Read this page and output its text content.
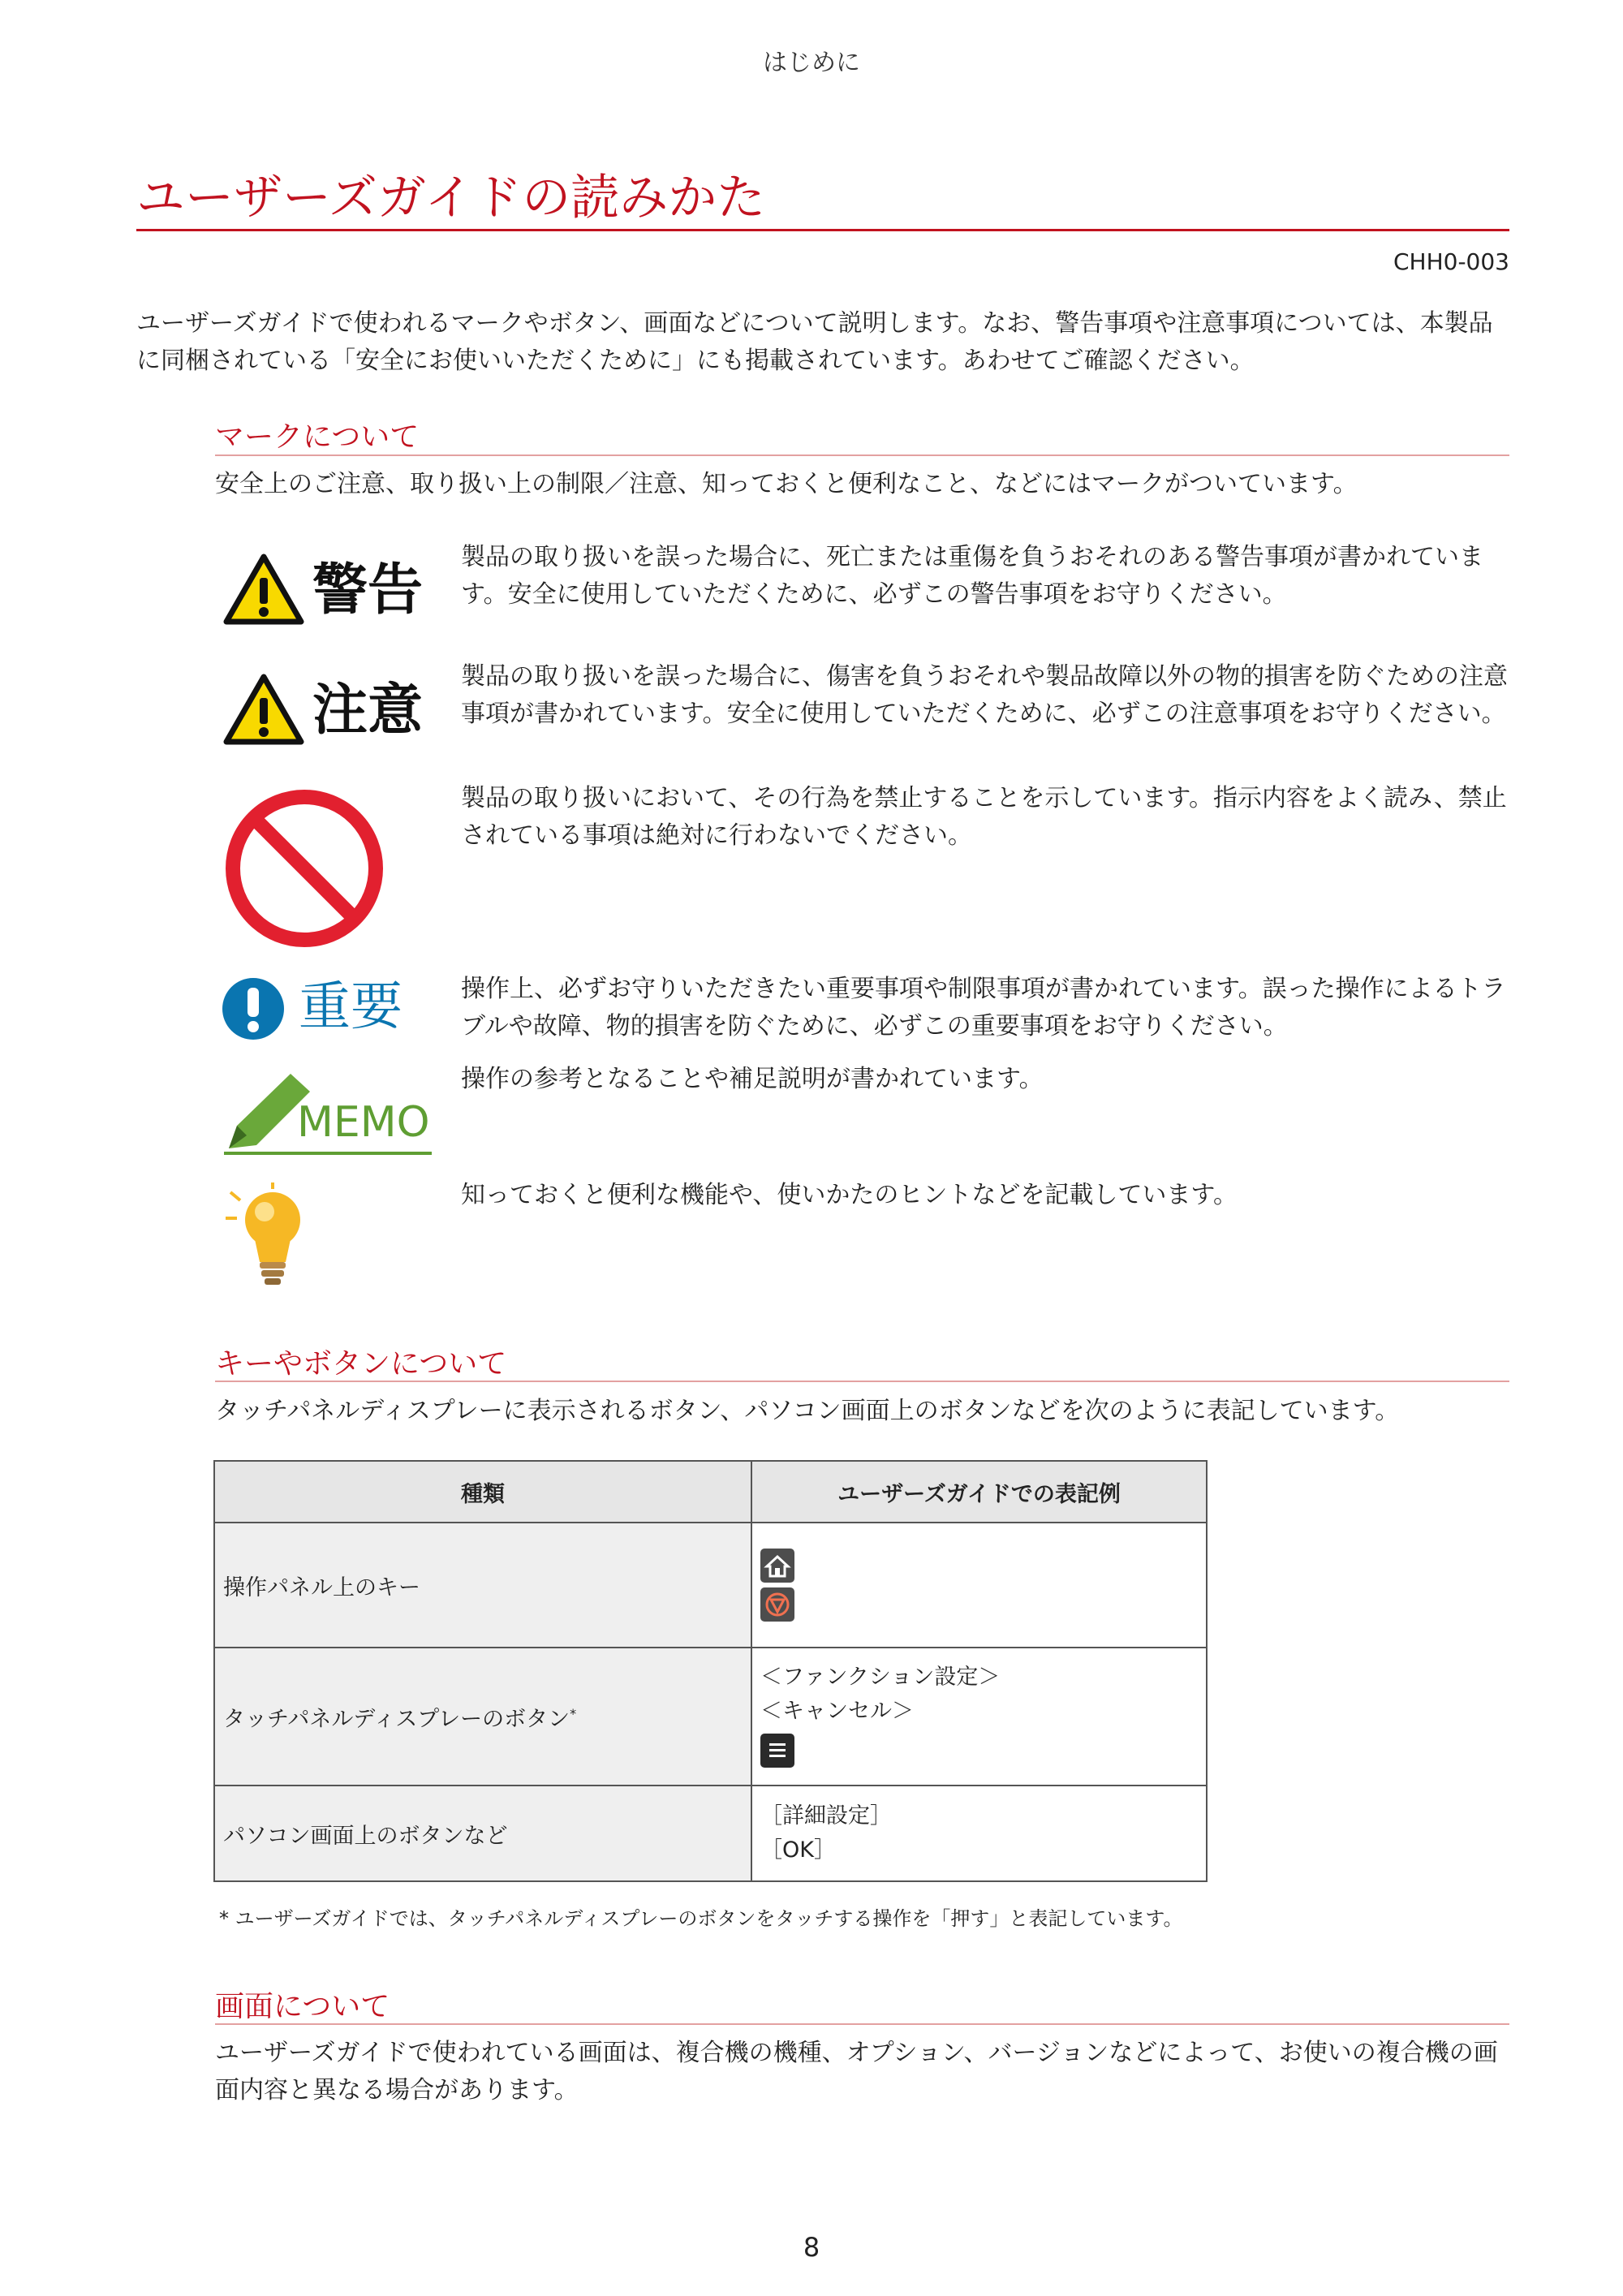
はじめに
ユーザーズガイドの読みかた
CHH0-003
ユーザーズガイドで使われるマークやボタン、画面などについて説明します。なお、警告事項や注意事項については、本製品に同梱されている「安全にお使いいただくために」にも掲載されています。あわせてご確認ください。
マークについて
安全上のご注意、取り扱い上の制限／注意、知っておくと便利なこと、などにはマークがついています。
警告
製品の取り扱いを誤った場合に、死亡または重傷を負うおそれのある警告事項が書かれています。安全に使用していただくために、必ずこの警告事項をお守りください。
注意
製品の取り扱いを誤った場合に、傷害を負うおそれや製品故障以外の物的損害を防ぐための注意事項が書かれています。安全に使用していただくために、必ずこの注意事項をお守りください。
製品の取り扱いにおいて、その行為を禁止することを示しています。指示内容をよく読み、禁止されている事項は絶対に行わないでください。
重要 操作上、必ずお守りいただきたい重要事項や制限事項が書かれています。誤った操作によるトラブルや故障、物的損害を防ぐために、必ずこの重要事項をお守りください。
MEMO
操作の参考となることや補足説明が書かれています。
知っておくと便利な機能や、使いかたのヒントなどを記載しています。
キーやボタンについて
タッチパネルディスプレーに表示されるボタン、パソコン画面上のボタンなどを次のように表記しています。
種類	ユーザーズガイドでの表記例
操作パネル上のキー	

タッチパネルディスプレーのボタン*	＜ファンクション設定＞
＜キャンセル＞

パソコン画面上のボタンなど	［詳細設定］
［OK］
* ユーザーズガイドでは、タッチパネルディスプレーのボタンをタッチする操作を「押す」と表記しています。
画面について
ユーザーズガイドで使われている画面は、複合機の機種、オプション、バージョンなどによって、お使いの複合機の画面内容と異なる場合があります。
8
